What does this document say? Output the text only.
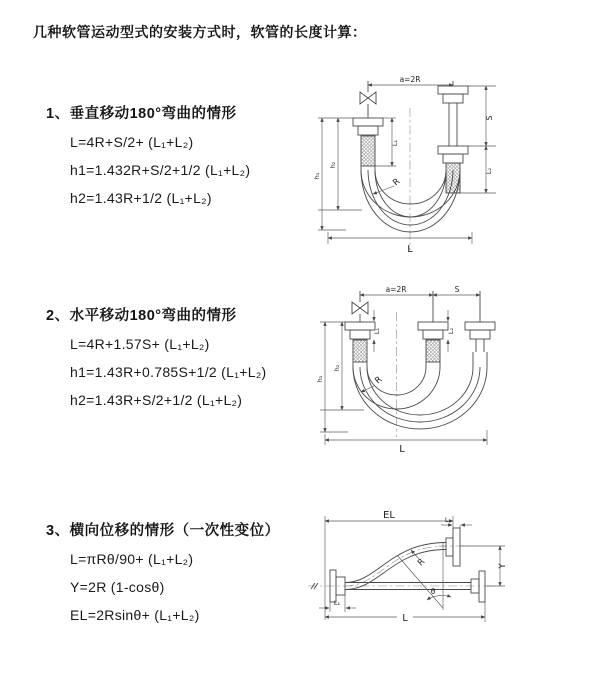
几种软管运动型式的安装方式时，软管的长度计算：
1、垂直移动180°弯曲的情形
L=4R+S/2+ (L₁+L₂)
h1=1.432R+S/2+1/2 (L₁+L₂)
h2=1.43R+1/2 (L₁+L₂)
2、水平移动180°弯曲的情形
L=4R+1.57S+ (L₁+L₂)
h1=1.43R+0.785S+1/2 (L₁+L₂)
h2=1.43R+S/2+1/2 (L₁+L₂)
3、横向位移的情形（一次性变位）
L=πRθ/90+ (L₁+L₂)
Y=2R (1-cosθ)
EL=2Rsinθ+ (L₁+L₂)
a=2R
S
L₂
L₁
h₂
h₁
R
L
a=2R	S
L₁	L₂
h₂
h₁	R
L
EL	L₂
Y
R
θ
L₁
L
